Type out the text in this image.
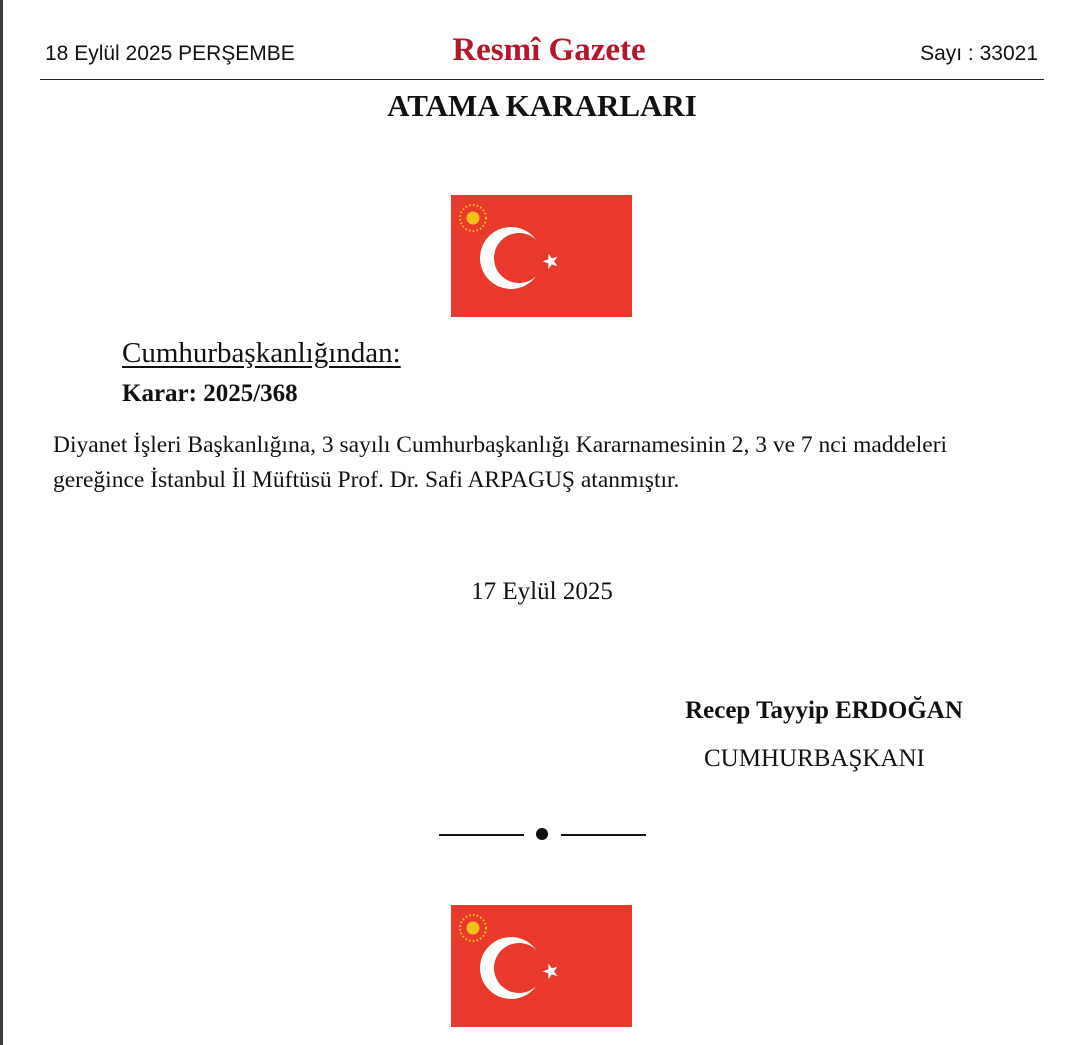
18 Eylül 2025 PERŞEMBE	Resmî Gazete	Sayı : 33021
ATAMA KARARLARI
Cumhurbaşkanlığından:
Karar: 2025/368
Diyanet İşleri Başkanlığına, 3 sayılı Cumhurbaşkanlığı Kararnamesinin 2, 3 ve 7 nci maddeleri gereğince İstanbul İl Müftüsü Prof. Dr. Safi ARPAGUŞ atanmıştır.
17 Eylül 2025
Recep Tayyip ERDOĞAN
CUMHURBAŞKANI
